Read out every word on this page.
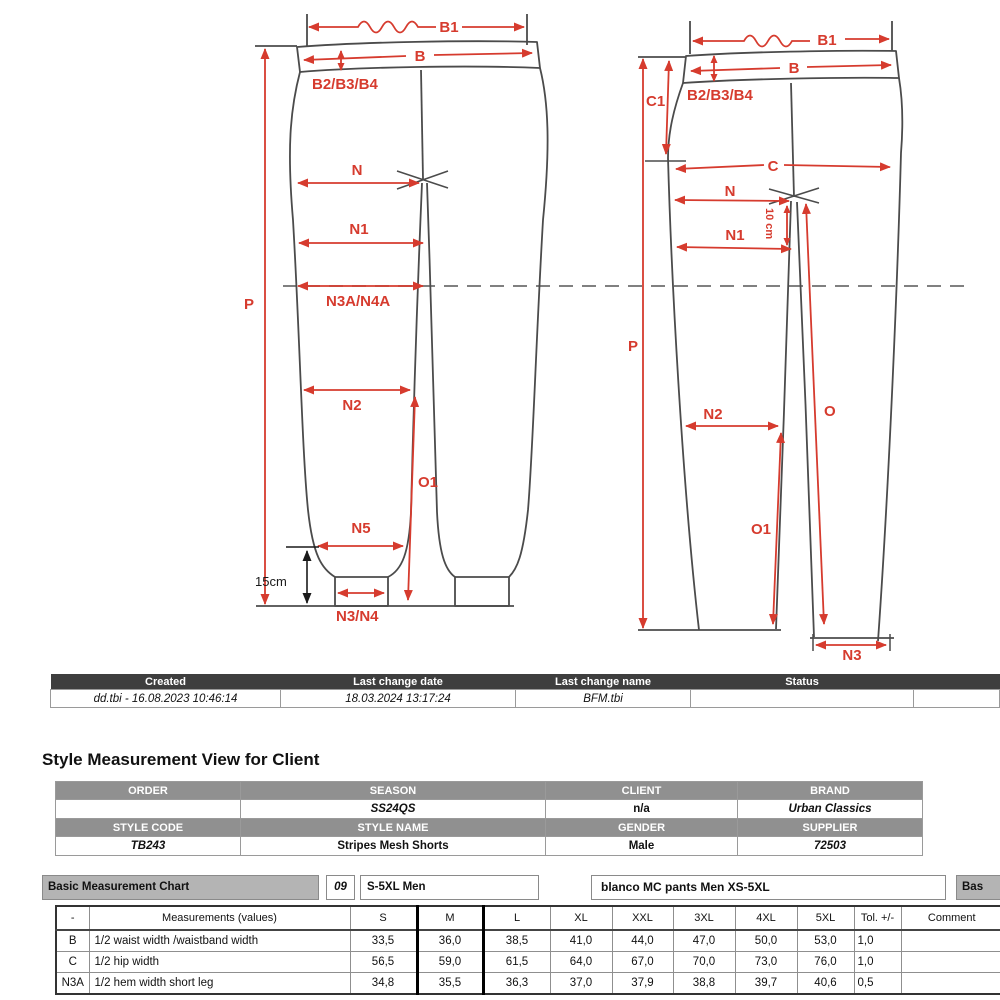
B1
B
B2/B3/B4
P
N
N1
N3A/N4A
N2
O1
N5
15cm
N3/N4
B1
B
B2/B3/B4
C1
C
P
N
10 cm
N1
N2	O
O1
N3
Created	Last change date	Last change name	Status	
dd.tbi - 16.08.2023 10:46:14	18.03.2024 13:17:24	BFM.tbi		
Style Measurement View for Client
ORDER	SEASON	CLIENT	BRAND
	SS24QS	n/a	Urban Classics
STYLE CODE	STYLE NAME	GENDER	SUPPLIER
TB243	Stripes Mesh Shorts	Male	72503
Basic Measurement Chart	09	S-5XL Men	blanco MC pants Men XS-5XL	Bas
-	Measurements (values)	S	M	L	XL	XXL	3XL	4XL	5XL	Tol. +/-	Comment
B	1/2 waist width /waistband width	33,5	36,0	38,5	41,0	44,0	47,0	50,0	53,0	1,0	
C	1/2 hip width	56,5	59,0	61,5	64,0	67,0	70,0	73,0	76,0	1,0	
N3A	1/2 hem width short leg	34,8	35,5	36,3	37,0	37,9	38,8	39,7	40,6	0,5	
